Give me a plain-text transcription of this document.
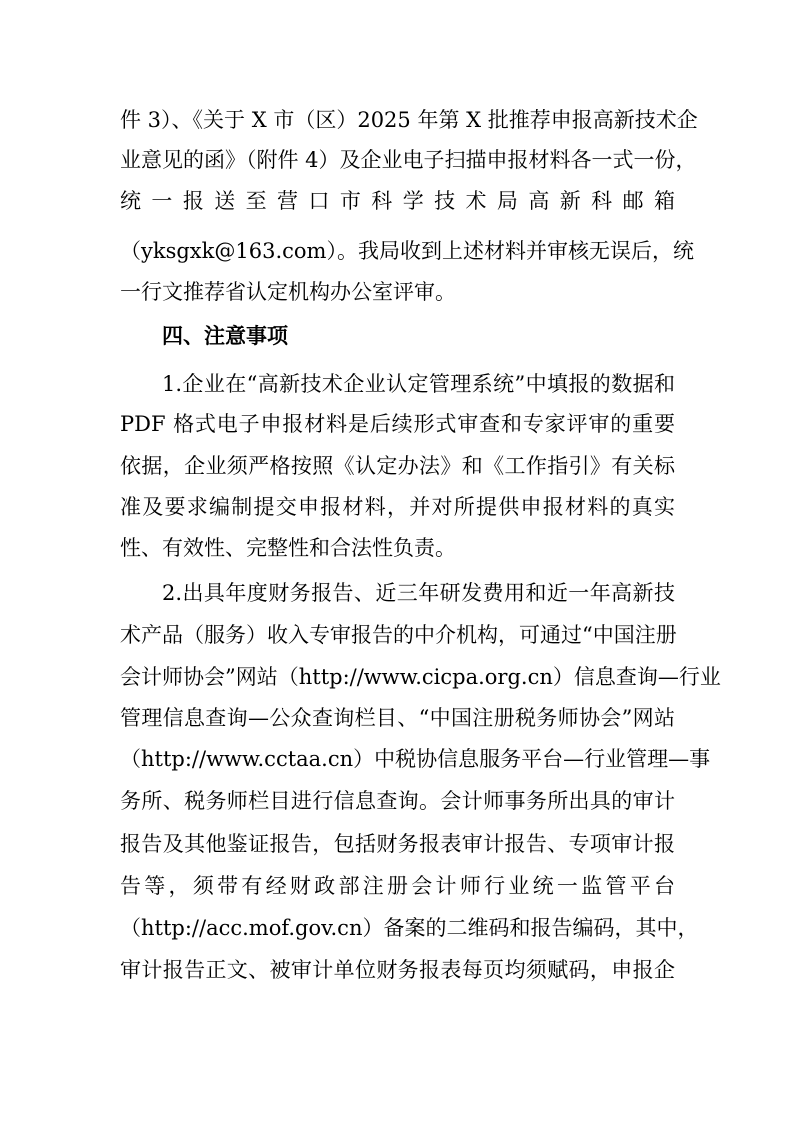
件 3）、《关于 X 市（区）2025 年第 X 批推荐申报高新技术企
业意见的函》（附件 4）及企业电子扫描申报材料各一式一份，
统 一 报 送 至 营 口 市 科 学 技 术 局 高 新 科 邮 箱
（yksgxk@163.com）。我局收到上述材料并审核无误后，统
一行文推荐省认定机构办公室评审。
四、注意事项
1.企业在“高新技术企业认定管理系统”中填报的数据和
PDF 格式电子申报材料是后续形式审查和专家评审的重要
依据，企业须严格按照《认定办法》和《工作指引》有关标
准及要求编制提交申报材料，并对所提供申报材料的真实
性、有效性、完整性和合法性负责。
2.出具年度财务报告、近三年研发费用和近一年高新技
术产品（服务）收入专审报告的中介机构，可通过“中国注册
会计师协会”网站（http://www.cicpa.org.cn）信息查询—行业
管理信息查询—公众查询栏目、“中国注册税务师协会”网站
（http://www.cctaa.cn）中税协信息服务平台—行业管理—事
务所、税务师栏目进行信息查询。会计师事务所出具的审计
报告及其他鉴证报告，包括财务报表审计报告、专项审计报
告等，须带有经财政部注册会计师行业统一监管平台
（http://acc.mof.gov.cn）备案的二维码和报告编码，其中，
审计报告正文、被审计单位财务报表每页均须赋码，申报企
